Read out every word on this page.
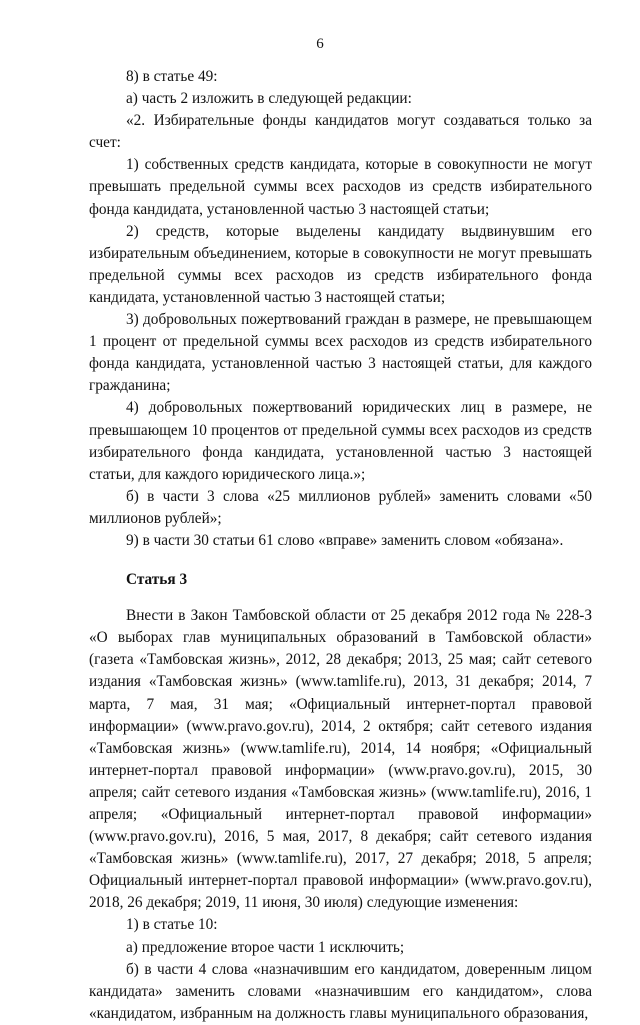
6

8) в статье 49:

а) часть 2 изложить в следующей редакции:

«2. Избирательные фонды кандидатов могут создаваться только за счет:

1) собственных средств кандидата, которые в совокупности не могут превышать предельной суммы всех расходов из средств избирательного фонда кандидата, установленной частью 3 настоящей статьи;

2) средств, которые выделены кандидату выдвинувшим его избирательным объединением, которые в совокупности не могут превышать предельной суммы всех расходов из средств избирательного фонда кандидата, установленной частью 3 настоящей статьи;

3) добровольных пожертвований граждан в размере, не превышающем 1 процент от предельной суммы всех расходов из средств избирательного фонда кандидата, установленной частью 3 настоящей статьи, для каждого гражданина;

4) добровольных пожертвований юридических лиц в размере, не превышающем 10 процентов от предельной суммы всех расходов из средств избирательного фонда кандидата, установленной частью 3 настоящей статьи, для каждого юридического лица.»;

б) в части 3 слова «25 миллионов рублей» заменить словами «50 миллионов рублей»;

9) в части 30 статьи 61 слово «вправе» заменить словом «обязана».

Статья 3

Внести в Закон Тамбовской области от 25 декабря 2012 года № 228-З «О выборах глав муниципальных образований в Тамбовской области» (газета «Тамбовская жизнь», 2012, 28 декабря; 2013, 25 мая; сайт сетевого издания «Тамбовская жизнь» (www.tamlife.ru), 2013, 31 декабря; 2014, 7 марта, 7 мая, 31 мая; «Официальный интернет-портал правовой информации» (www.pravo.gov.ru), 2014, 2 октября; сайт сетевого издания «Тамбовская жизнь» (www.tamlife.ru), 2014, 14 ноября; «Официальный интернет-портал правовой информации» (www.pravo.gov.ru), 2015, 30 апреля; сайт сетевого издания «Тамбовская жизнь» (www.tamlife.ru), 2016, 1 апреля; «Официальный интернет-портал правовой информации» (www.pravo.gov.ru), 2016, 5 мая, 2017, 8 декабря; сайт сетевого издания «Тамбовская жизнь» (www.tamlife.ru), 2017, 27 декабря; 2018, 5 апреля; Официальный интернет-портал правовой информации» (www.pravo.gov.ru), 2018, 26 декабря; 2019, 11 июня, 30 июля) следующие изменения:

1) в статье 10:

а) предложение второе части 1 исключить;

б) в части 4 слова «назначившим его кандидатом, доверенным лицом кандидата» заменить словами «назначившим его кандидатом», слова «кандидатом, избранным на должность главы муниципального образования,
